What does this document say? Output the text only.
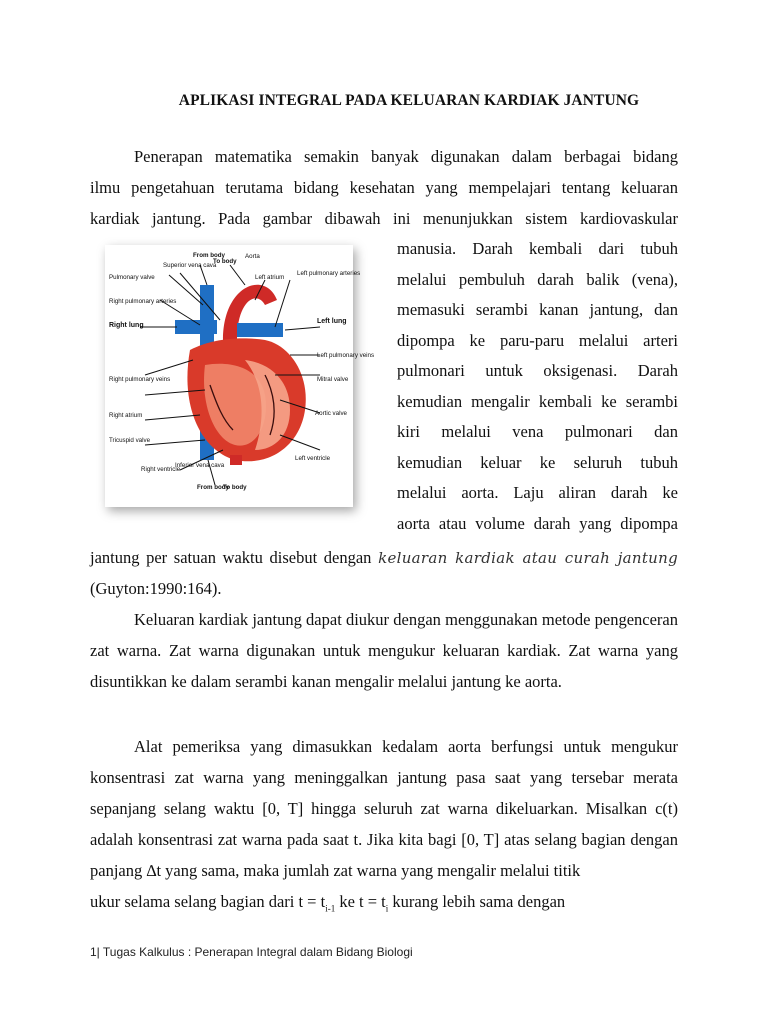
APLIKASI INTEGRAL PADA KELUARAN KARDIAK JANTUNG

Penerapan matematika semakin banyak digunakan dalam berbagai bidang

ilmu pengetahuan terutama bidang kesehatan yang mempelajari tentang keluaran

kardiak jantung. Pada gambar dibawah ini menunjukkan sistem kardiovaskular

From body
To body
Aorta
Superior vena cava
Pulmonary valve	Left atrium
Left pulmonary arteries
Right pulmonary arteries
Right lung
Left lung
Left pulmonary veins
Right pulmonary veins	Mitral valve
Right atrium	Aortic valve
Tricuspid valve
Left ventricle
Right ventricle
Inferior vena cava
From body
To body
manusia. Darah kembali dari tubuh
melalui pembuluh darah balik (vena),
memasuki serambi kanan jantung, dan
dipompa ke paru-paru melalui arteri
pulmonari untuk oksigenasi. Darah
kemudian mengalir kembali ke serambi
kiri melalui vena pulmonari dan
kemudian keluar ke seluruh tubuh
melalui aorta. Laju aliran darah ke
aorta atau volume darah yang dipompa

jantung per satuan waktu disebut dengan keluaran kardiak atau curah jantung

(Guyton:1990:164).

Keluaran kardiak jantung dapat diukur dengan menggunakan metode pengenceran zat warna. Zat warna digunakan untuk mengukur keluaran kardiak. Zat warna yang disuntikkan ke dalam serambi kanan mengalir melalui jantung ke aorta.

Alat pemeriksa yang dimasukkan kedalam aorta berfungsi untuk mengukur konsentrasi zat warna yang meninggalkan jantung pasa saat yang tersebar merata sepanjang selang waktu [0, T] hingga seluruh zat warna dikeluarkan. Misalkan c(t) adalah konsentrasi zat warna pada saat t. Jika kita bagi [0, T] atas selang bagian dengan panjang ∆t yang sama, maka jumlah zat warna yang mengalir melalui titik

ukur selama selang bagian dari $t = t_{i-1}$ ke $t = t_i$ kurang lebih sama dengan

1| Tugas Kalkulus : Penerapan Integral dalam Bidang Biologi
